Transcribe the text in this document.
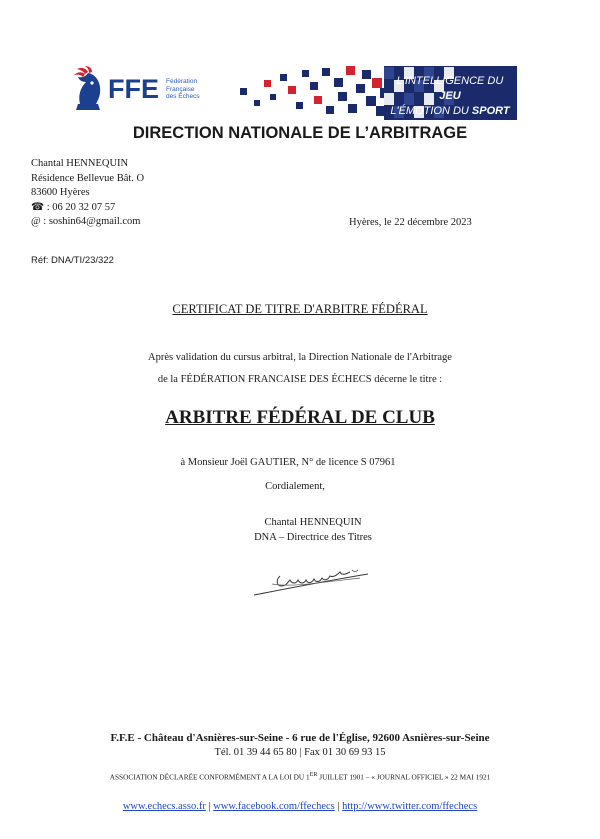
FFE Fédération
Française
des Échecs
L'INTELLIGENCE DU JEU
L'ÉMOTION DU SPORT
DIRECTION NATIONALE DE L’ARBITRAGE
Chantal HENNEQUIN
Résidence Bellevue Bât. O
83600 Hyères
☎ : 06 20 32 07 57
@ : soshin64@gmail.com	Hyères, le 22 décembre 2023
Réf: DNA/TI/23/322
CERTIFICAT DE TITRE D'ARBITRE FÉDÉRAL
Après validation du cursus arbitral, la Direction Nationale de l'Arbitrage
de la FÉDÉRATION FRANCAISE DES ÉCHECS décerne le titre :
ARBITRE FÉDÉRAL DE CLUB
à Monsieur Joël GAUTIER, N° de licence S 07961
Cordialement,
Chantal HENNEQUIN
DNA – Directrice des Titres
F.F.E - Château d'Asnières-sur-Seine - 6 rue de l'Église, 92600 Asnières-sur-Seine
Tél. 01 39 44 65 80 | Fax 01 30 69 93 15
ASSOCIATION DÉCLARÉE CONFORMÉMENT A LA LOI DU 1ER JUILLET 1901 – « JOURNAL OFFICIEL » 22 MAI 1921
www.echecs.asso.fr | www.facebook.com/ffechecs | http://www.twitter.com/ffechecs
